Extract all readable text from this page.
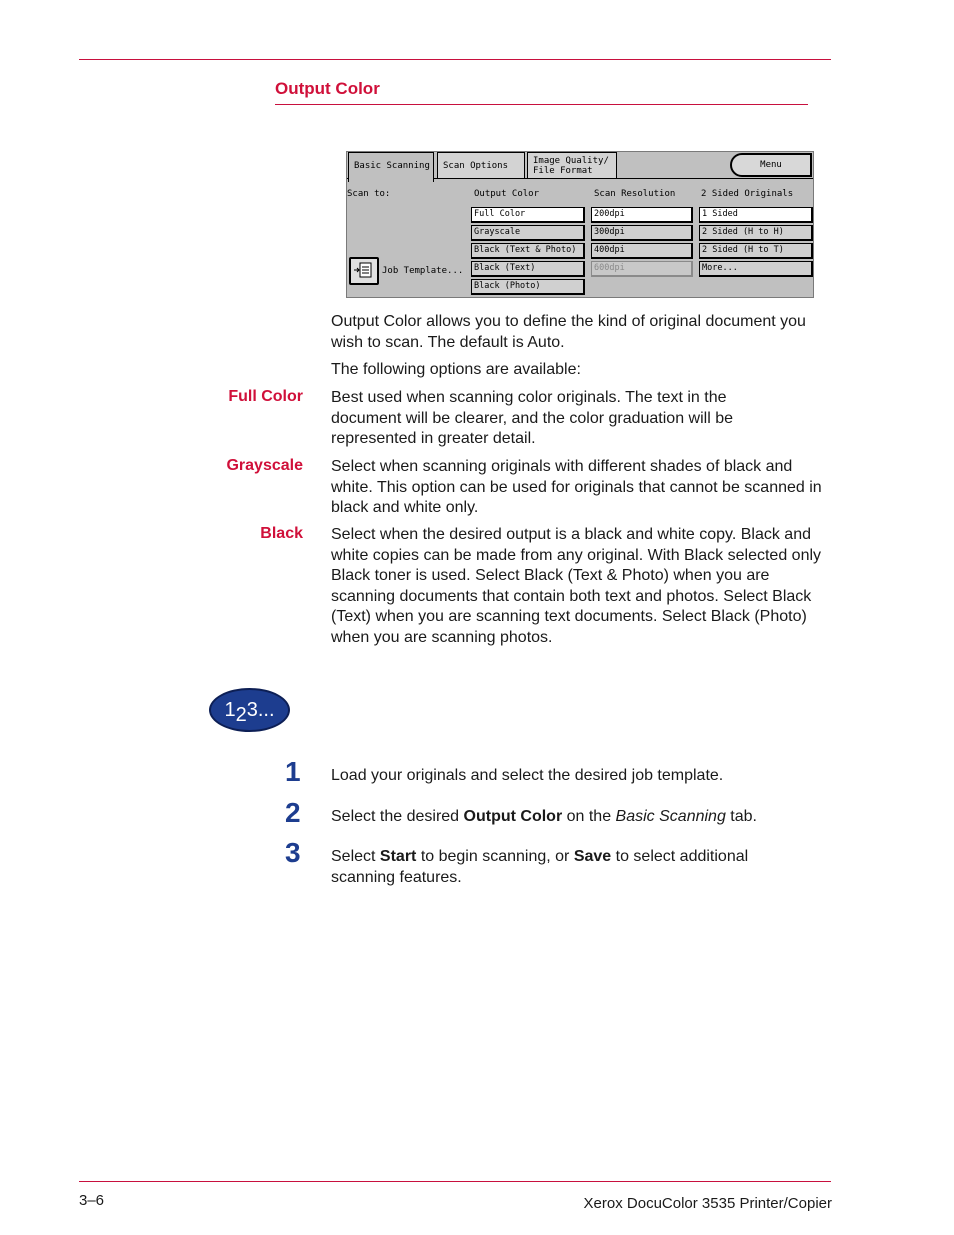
Output Color
Basic Scanning	Scan Options	Image Quality/
File Format
Menu
Scan to:	Output Color	Scan Resolution	2 Sided Originals
Full Color
Grayscale
Black (Text & Photo)
Black (Text)
Black (Photo)
200dpi
300dpi
400dpi
600dpi
1 Sided
2 Sided (H to H)
2 Sided (H to T)
More...
Job Template...
Output Color allows you to define the kind of original document you wish to scan. The default is Auto.
The following options are available:
Full Color Best used when scanning color originals. The text in the document will be clearer, and the color graduation will be represented in greater detail.
Grayscale Select when scanning originals with different shades of black and white. This option can be used for originals that cannot be scanned in black and white only.
Black Select when the desired output is a black and white copy. Black and white copies can be made from any original. With Black selected only Black toner is used. Select Black (Text & Photo) when you are scanning documents that contain both text and photos. Select Black (Text) when you are scanning text documents. Select Black (Photo) when you are scanning photos.
1 2 3...
1 Load your originals and select the desired job template.
2 Select the desired Output Color on the Basic Scanning tab.
3 Select Start to begin scanning, or Save to select additional scanning features.
3–6	Xerox DocuColor 3535 Printer/Copier
